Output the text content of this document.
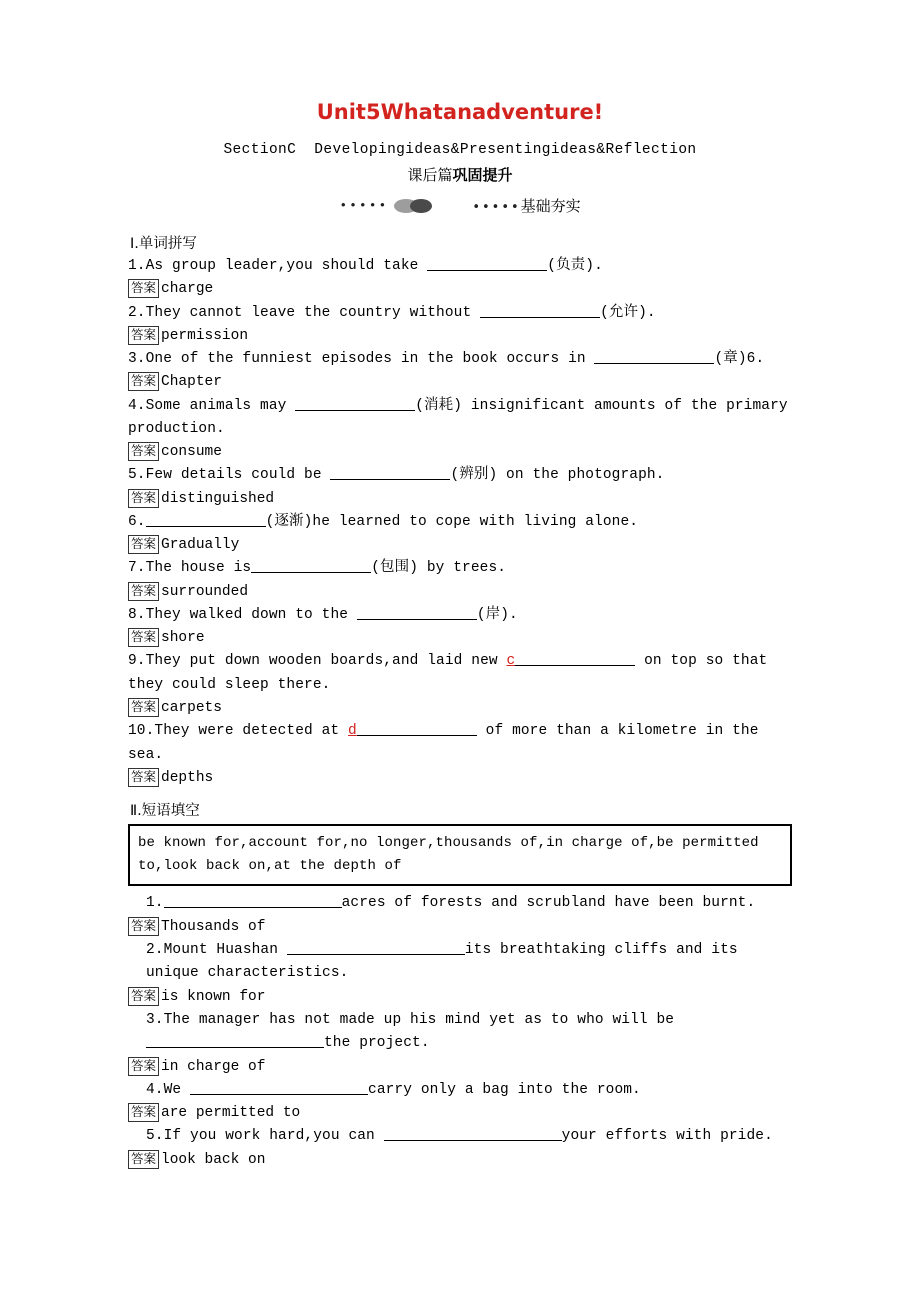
Unit5Whatanadventure!
SectionC Developingideas&Presentingideas&Reflection
课后篇巩固提升
•••••	•••••基础夯实
Ⅰ.单词拼写

1.As group leader,you should take	(负责).

答案 charge

2.They cannot leave the country without	(允许).

答案 permission

3.One of the funniest episodes in the book occurs in	(章)6.

答案 Chapter

4.Some animals may	(消耗) insignificant amounts of the primary production.

答案 consume

5.Few details could be	(辨别) on the photograph.

答案 distinguished

6.	(逐渐)he learned to cope with living alone.

答案 Gradually

7.The house is	(包围) by trees.

答案 surrounded

8.They walked down to the	(岸).

答案 shore

9.They put down wooden boards,and laid new c	on top so that they could sleep there.

答案 carpets

10.They were detected at d	of more than a kilometre in the sea.

答案 depths
Ⅱ.短语填空
be known for,account for,no longer,thousands of,in charge of,be permitted to,look back on,at the depth of

1.	acres of forests and scrubland have been burnt.

答案 Thousands of

2.Mount Huashan	its breathtaking cliffs and its unique characteristics.

答案 is known for

3.The manager has not made up his mind yet as to who will be the project.

答案 in charge of

4.We	carry only a bag into the room.

答案 are permitted to

5.If you work hard,you can	your efforts with pride.

答案 look back on
